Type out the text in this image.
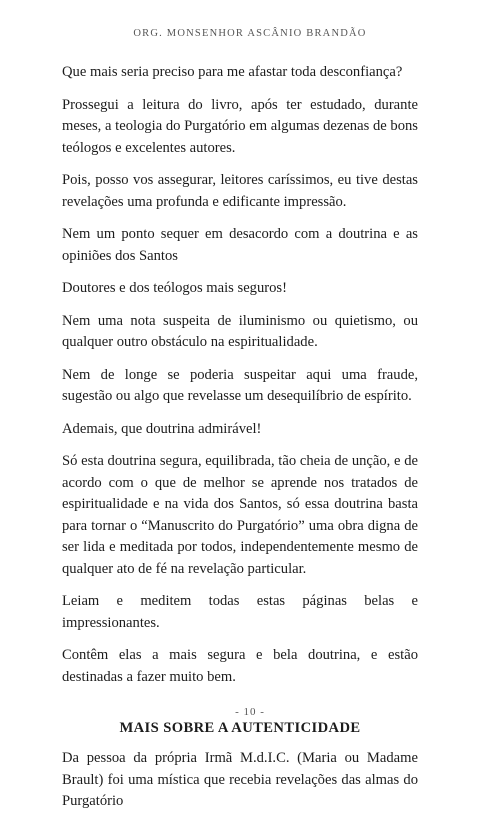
ORG. MONSENHOR ASCÂNIO BRANDÃO

Que mais seria preciso para me afastar toda desconfiança?

Prossegui a leitura do livro, após ter estudado, durante meses, a teologia do Purgatório em algumas dezenas de bons teólogos e excelentes autores.

Pois, posso vos assegurar, leitores caríssimos, eu tive destas revelações uma profunda e edificante impressão.

Nem um ponto sequer em desacordo com a doutrina e as opiniões dos Santos

Doutores e dos teólogos mais seguros!

Nem uma nota suspeita de iluminismo ou quietismo, ou qualquer outro obstáculo na espiritualidade.

Nem de longe se poderia suspeitar aqui uma fraude, sugestão ou algo que revelasse um desequilíbrio de espírito.

Ademais, que doutrina admirável!

Só esta doutrina segura, equilibrada, tão cheia de unção, e de acordo com o que de melhor se aprende nos tratados de espiritualidade e na vida dos Santos, só essa doutrina basta para tornar o “Manuscrito do Purgatório” uma obra digna de ser lida e meditada por todos, independentemente mesmo de qualquer ato de fé na revelação particular.

Leiam e meditem todas estas páginas belas e impressionantes.

Contêm elas a mais segura e bela doutrina, e estão destinadas a fazer muito bem.

MAIS SOBRE A AUTENTICIDADE

Da pessoa da própria Irmã M.d.I.C. (Maria ou Madame Brault) foi uma mística que recebia revelações das almas do Purgatório

- 10 -
